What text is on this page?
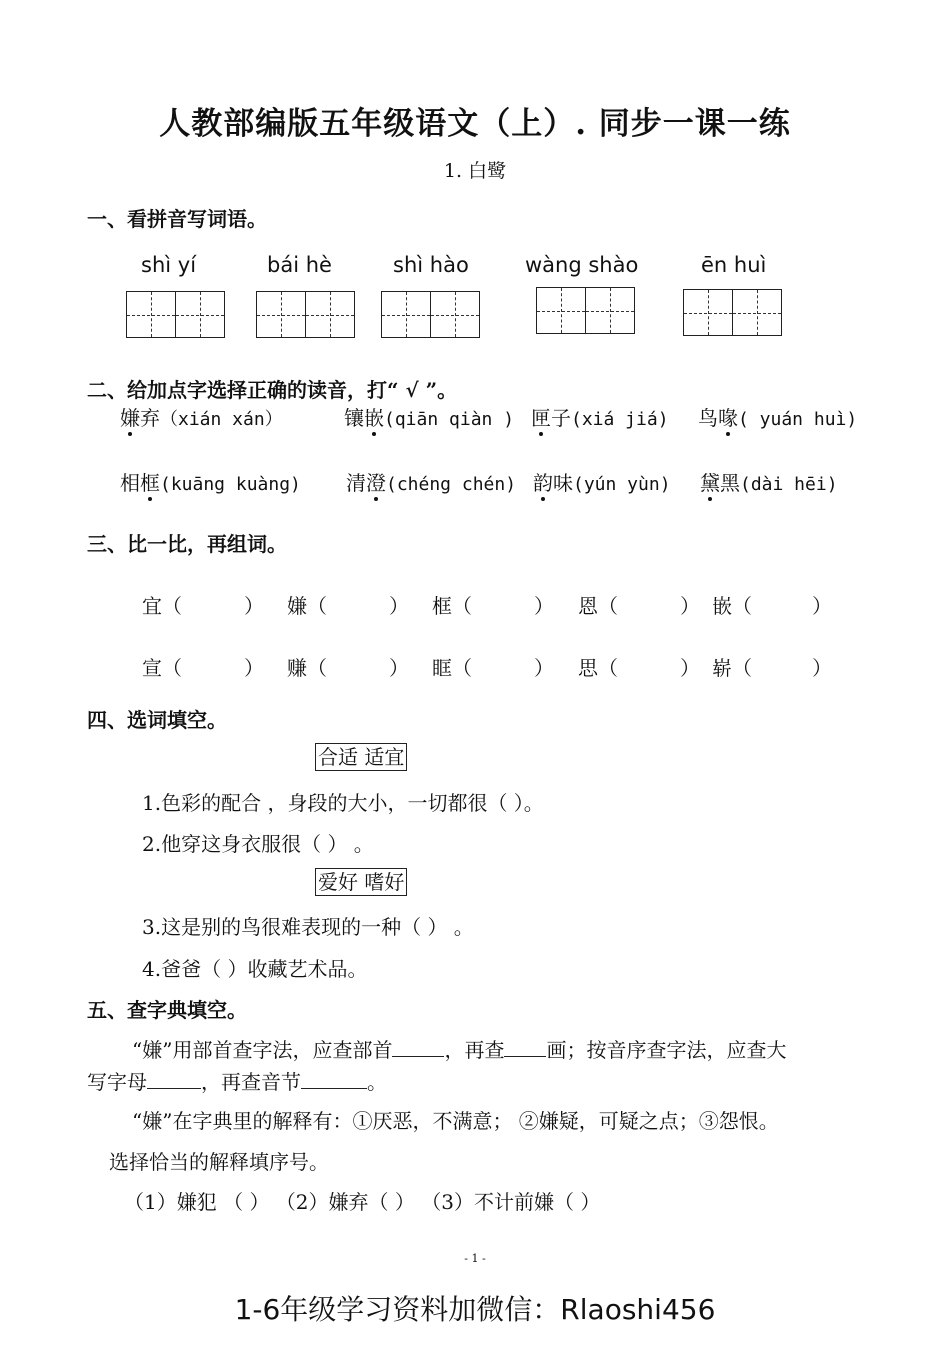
人教部编版五年级语文（上）. 同步一课一练
1. 白鹭
一、看拼音写词语。
shì yí	bái hè	shì hào	wàng shào	ēn huì
二、给加点字选择正确的读音，打“ √ ”。
嫌弃（xián xán）	镶嵌(qiān qiàn ) 匣子(xiá jiá) 鸟喙( yuán huì)
相框(kuāng kuàng) 清澄(chéng chén) 韵味(yún yùn) 黛黑(dài hēi)
三、比一比，再组词。
宜（	） 嫌（	） 框（	） 恩（	） 嵌（	）
宣（	） 赚（	） 眶（	） 思（	） 崭（	）
四、选词填空。
合适 适宜
1.色彩的配合 ，身段的大小，一切都很（ ）。
2.他穿这身衣服很（ ） 。
爱好 嗜好
3.这是别的鸟很难表现的一种（ ） 。
4.爸爸（ ）收藏艺术品。
五、查字典填空。
“嫌”用部首查字法，应查部首	，再查 画；按音序查字法，应查大
写字母	，再查音节	。
“嫌”在字典里的解释有：①厌恶，不满意； ②嫌疑，可疑之点；③怨恨。
选择恰当的解释填序号。
（1）嫌犯 （ ） （2）嫌弃（ ） （3）不计前嫌（ ）
- 1 -
1-6年级学习资料加微信：Rlaoshi456
